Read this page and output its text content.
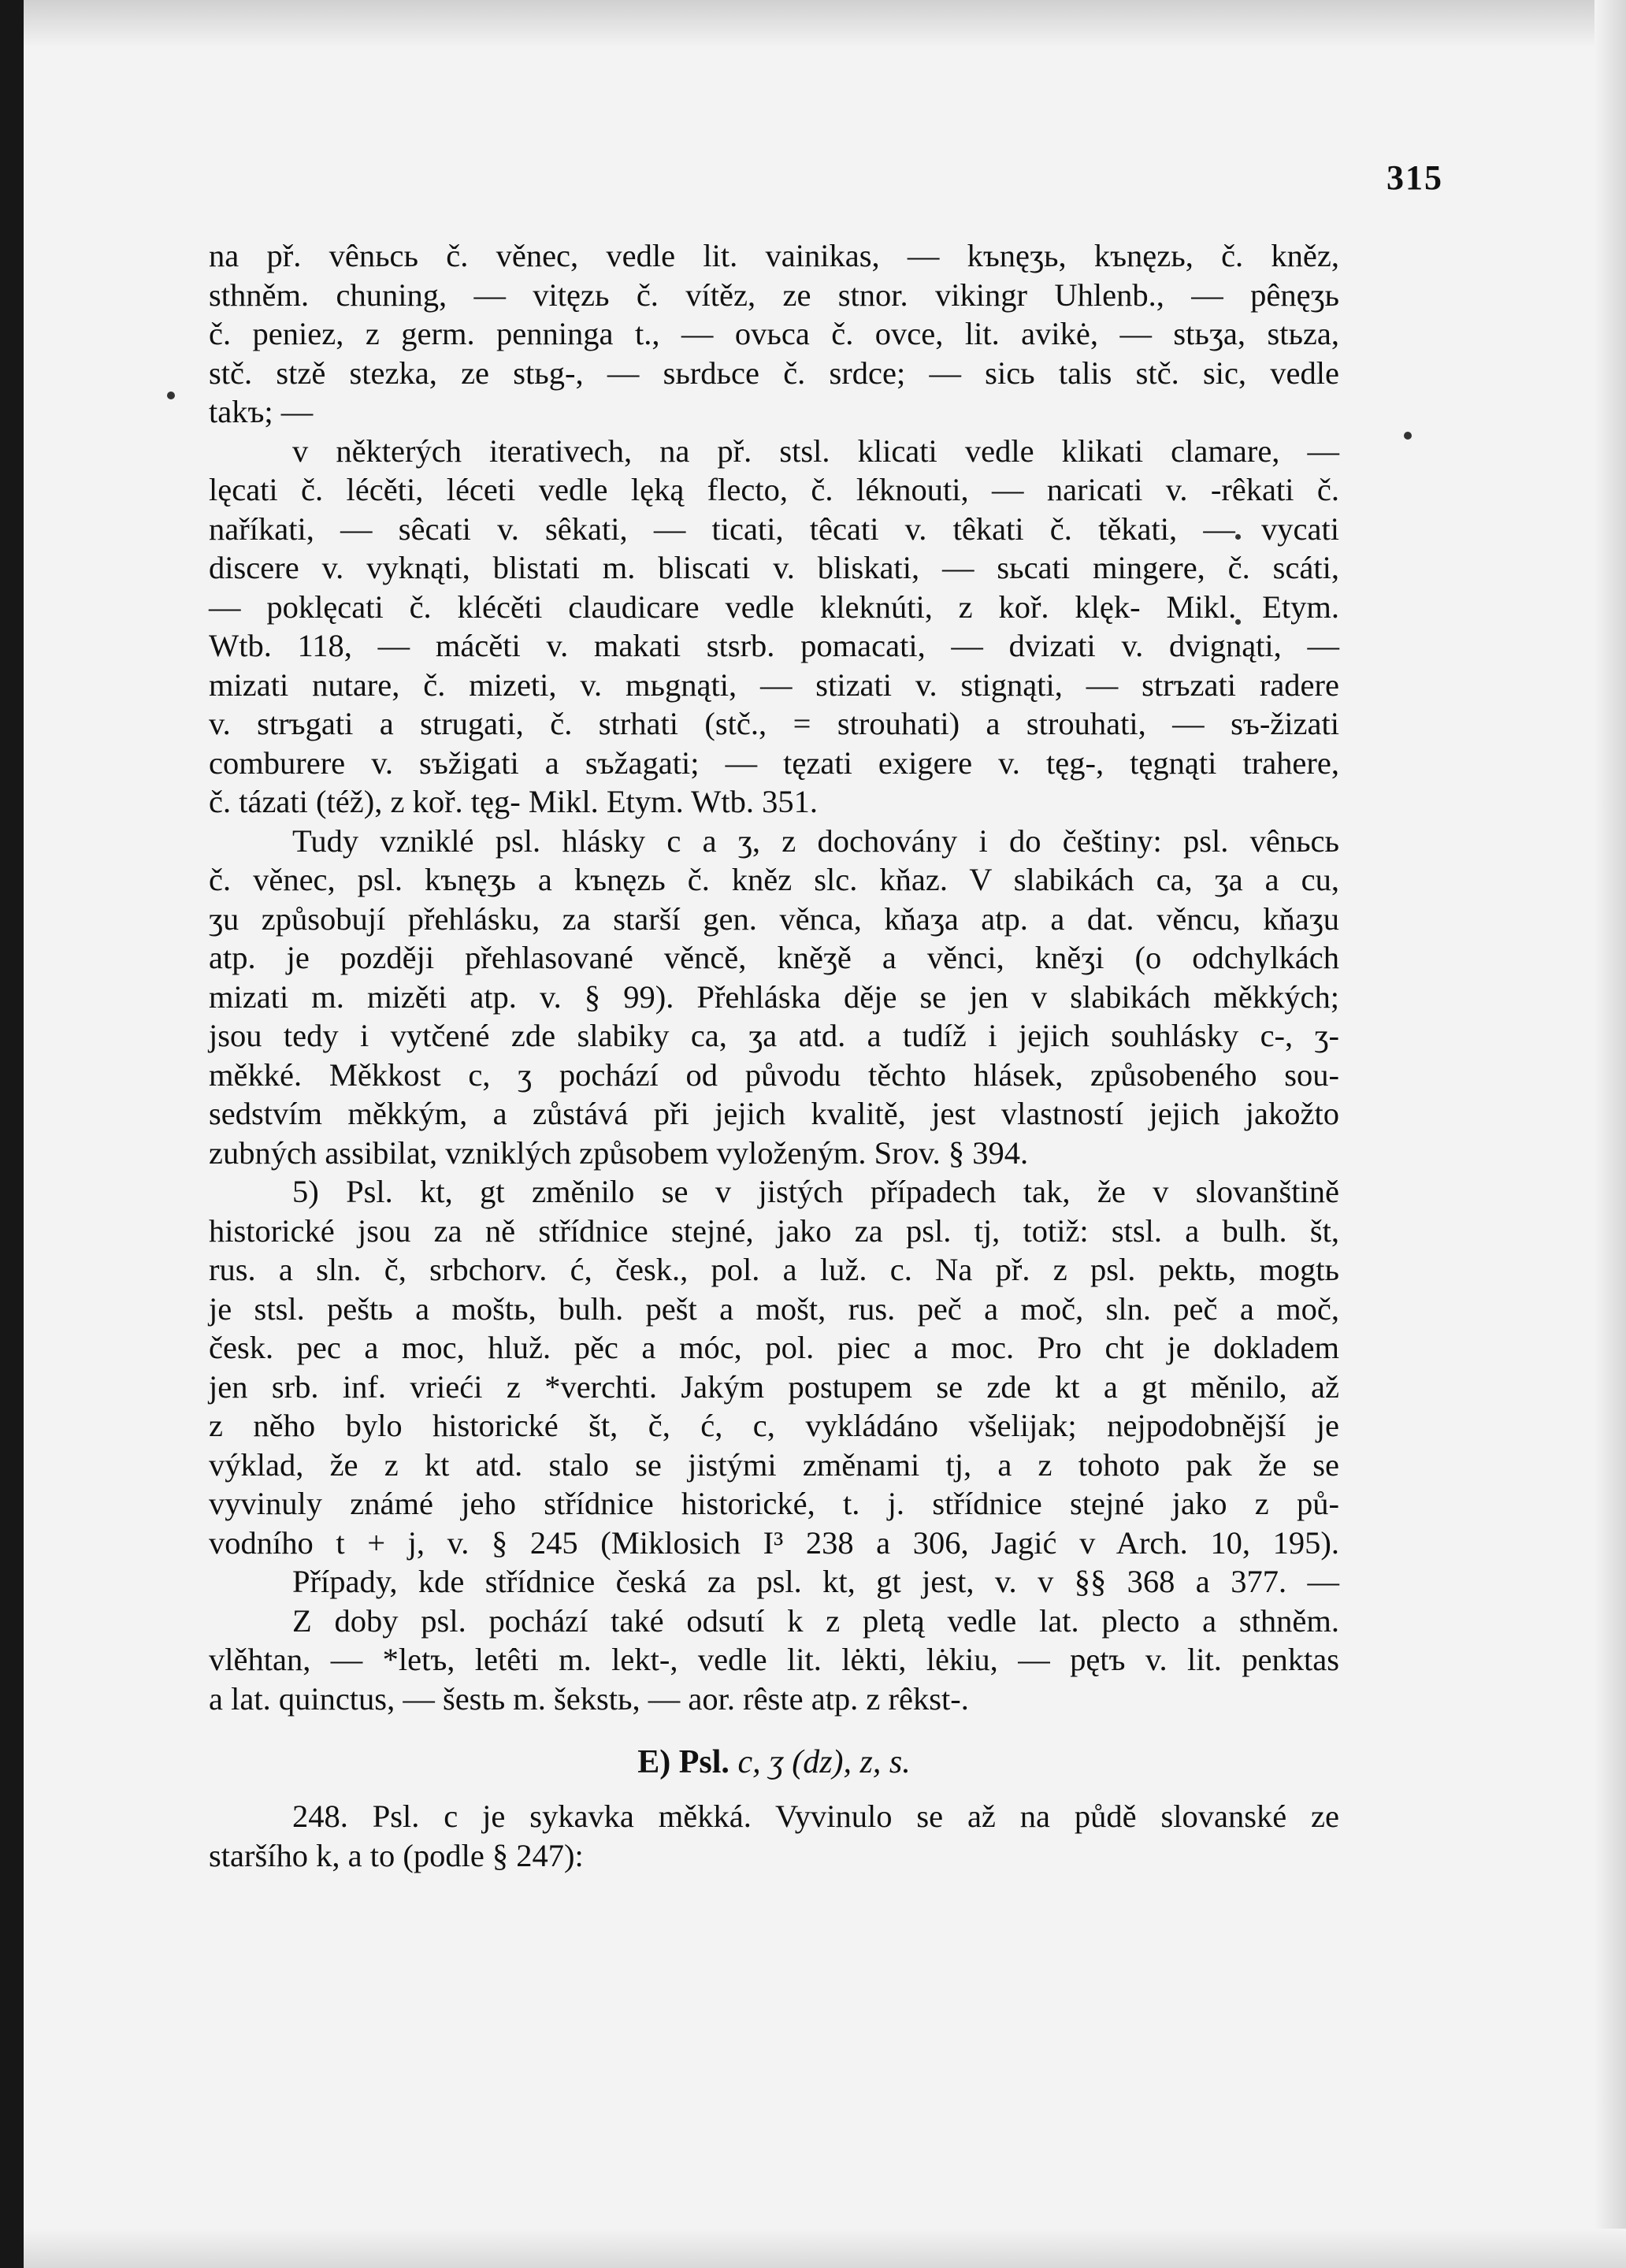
315
na př. vênьcь č. věnec, vedle lit. vainikas, — kъnęʒь, kъnęzь, č. kněz,
sthněm. chuning, — vitęzь č. vítěz, ze stnor. vikingr Uhlenb., — pênęʒь
č. peniez, z germ. penninga t., — ovьca č. ovce, lit. avikė, — stьʒa, stьza,
stč. stzě stezka, ze stьg-, — sьrdьce č. srdce; — sicь talis stč. sic, vedle
takъ; —
v některých iterativech, na př. stsl. klicati vedle klikati clamare, —
lęcati č. lécěti, léceti vedle lęką flecto, č. léknouti, — naricati v. -rêkati č.
naříkati, — sêcati v. sêkati, — ticati, têcati v. têkati č. těkati, — vycati
discere v. vyknąti, blistati m. bliscati v. bliskati, — sьcati mingere, č. scáti,
— poklęcati č. klécěti claudicare vedle kleknúti, z koř. klęk- Mikl. Etym.
Wtb. 118, — mácěti v. makati stsrb. pomacati, — dvizati v. dvignąti, —
mizati nutare, č. mizeti, v. mьgnąti, — stizati v. stignąti, — strъzati radere
v. strъgati a strugati, č. strhati (stč., = strouhati) a strouhati, — sъ-žizati
comburere v. sъžigati a sъžagati; — tęzati exigere v. tęg-, tęgnąti trahere,
č. tázati (též), z koř. tęg- Mikl. Etym. Wtb. 351.
Tudy vzniklé psl. hlásky c a ʒ, z dochovány i do češtiny: psl. vênьcь
č. věnec, psl. kъnęʒь a kъnęzь č. kněz slc. kňaz. V slabikách ca, ʒa a cu,
ʒu způsobují přehlásku, za starší gen. věnca, kňaʒa atp. a dat. věncu, kňaʒu
atp. je později přehlasované věncě, kněʒě a věnci, kněʒi (o odchylkách
mizati m. mizěti atp. v. § 99). Přehláska děje se jen v slabikách měkkých;
jsou tedy i vytčené zde slabiky ca, ʒa atd. a tudíž i jejich souhlásky c-, ʒ-
měkké. Měkkost c, ʒ pochází od původu těchto hlásek, způsobeného sou-
sedstvím měkkým, a zůstává při jejich kvalitě, jest vlastností jejich jakožto
zubných assibilat, vzniklých způsobem vyloženým. Srov. § 394.
5) Psl. kt, gt změnilo se v jistých případech tak, že v slovanštině
historické jsou za ně střídnice stejné, jako za psl. tj, totiž: stsl. a bulh. št,
rus. a sln. č, srbchorv. ć, česk., pol. a luž. c. Na př. z psl. pektь, mogtь
je stsl. peštь a moštь, bulh. pešt a mošt, rus. peč a moč, sln. peč a moč,
česk. pec a moc, hluž. pěc a móc, pol. piec a moc. Pro cht je dokladem
jen srb. inf. vrieći z *verchti. Jakým postupem se zde kt a gt měnilo, až
z něho bylo historické št, č, ć, c, vykládáno všelijak; nejpodobnější je
výklad, že z kt atd. stalo se jistými změnami tj, a z tohoto pak že se
vyvinuly známé jeho střídnice historické, t. j. střídnice stejné jako z pů-
vodního t + j, v. § 245 (Miklosich I³ 238 a 306, Jagić v Arch. 10, 195).
Případy, kde střídnice česká za psl. kt, gt jest, v. v §§ 368 a 377. —
Z doby psl. pochází také odsutí k z pletą vedle lat. plecto a sthněm.
vlěhtan, — *letъ, letêti m. lekt-, vedle lit. lėkti, lėkiu, — pętъ v. lit. penktas
a lat. quinctus, — šestь m. šekstь, — aor. rêste atp. z rêkst-.
E) Psl. c, ʒ (dz), z, s.
248. Psl. c je sykavka měkká. Vyvinulo se až na půdě slovanské ze
staršího k, a to (podle § 247):
